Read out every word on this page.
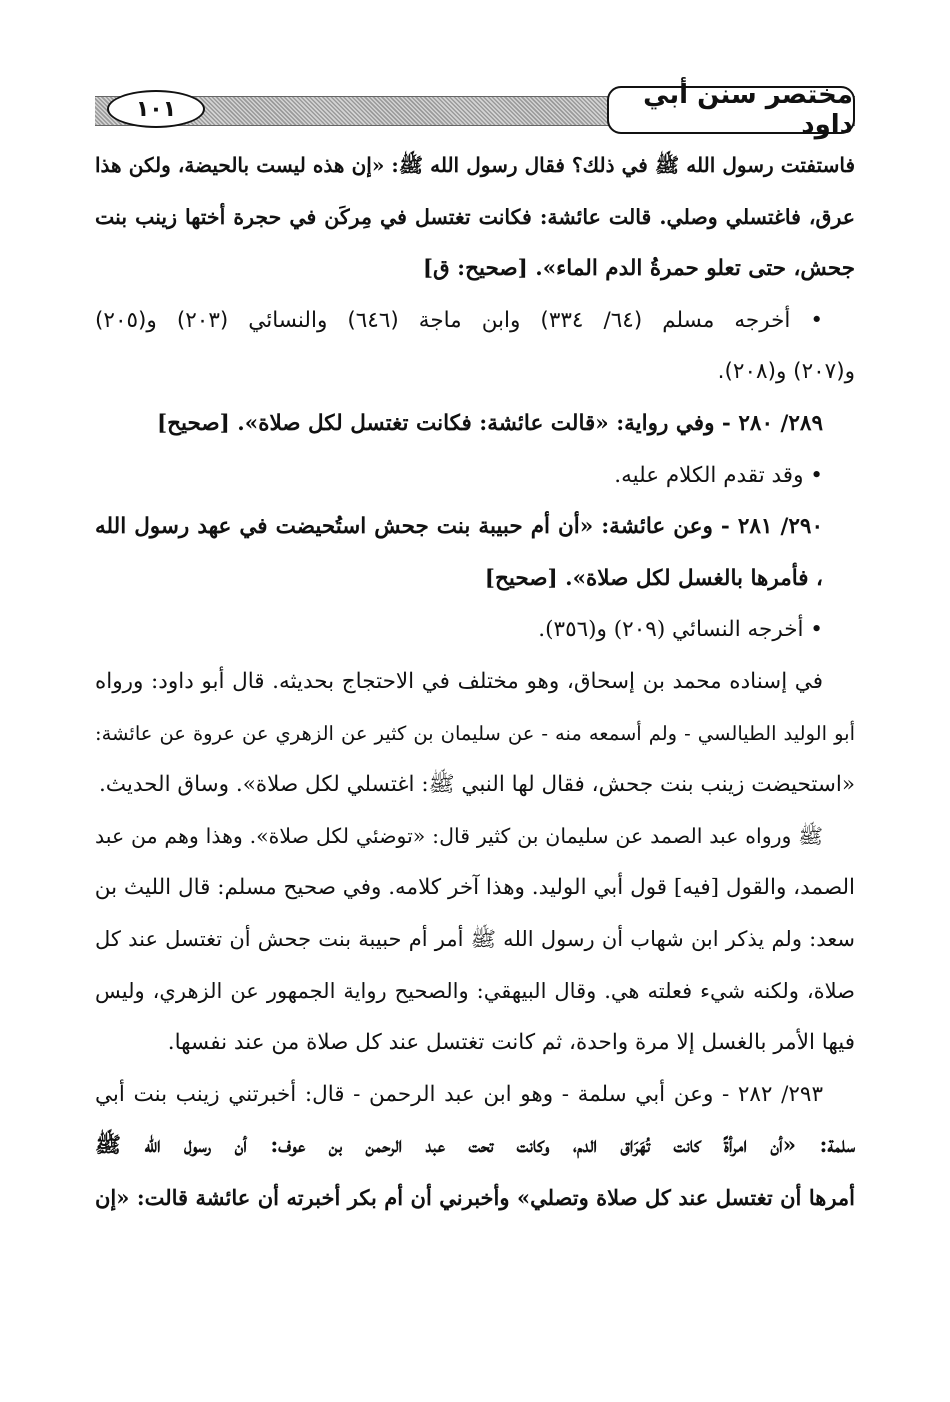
مختصر سنن أبي داود
١٠١
فاستفتت رسول الله ﷺ في ذلك؟ فقال رسول الله ﷺ: «إن هذه ليست بالحيضة، ولكن هذا
عرق، فاغتسلي وصلي. قالت عائشة: فكانت تغتسل في مِركَن في حجرة أختها زينب بنت
جحش، حتى تعلو حمرةُ الدم الماء». [صحيح: ق]
• أخرجه مسلم (٦٤/ ٣٣٤) وابن ماجة (٦٤٦) والنسائي (٢٠٣) و(٢٠٥)
و(٢٠٧) و(٢٠٨).
٢٨٩/ ٢٨٠ - وفي رواية: «قالت عائشة: فكانت تغتسل لكل صلاة». [صحيح]
• وقد تقدم الكلام عليه.
٢٩٠/ ٢٨١ - وعن عائشة: «أن أم حبيبة بنت جحش استُحيضت في عهد رسول الله
، فأمرها بالغسل لكل صلاة». [صحيح]
• أخرجه النسائي (٢٠٩) و(٣٥٦).
في إسناده محمد بن إسحاق، وهو مختلف في الاحتجاج بحديثه. قال أبو داود: ورواه
أبو الوليد الطيالسي - ولم أسمعه منه - عن سليمان بن كثير عن الزهري عن عروة عن عائشة:
«استحيضت زينب بنت جحش، فقال لها النبي ﷺ: اغتسلي لكل صلاة». وساق الحديث.
ﷺ ورواه عبد الصمد عن سليمان بن كثير قال: «توضئي لكل صلاة». وهذا وهم من عبد
الصمد، والقول [فيه] قول أبي الوليد. وهذا آخر كلامه. وفي صحيح مسلم: قال الليث بن
سعد: ولم يذكر ابن شهاب أن رسول الله ﷺ أمر أم حبيبة بنت جحش أن تغتسل عند كل
صلاة، ولكنه شيء فعلته هي. وقال البيهقي: والصحيح رواية الجمهور عن الزهري، وليس
فيها الأمر بالغسل إلا مرة واحدة، ثم كانت تغتسل عند كل صلاة من عند نفسها.
٢٩٣/ ٢٨٢ - وعن أبي سلمة - وهو ابن عبد الرحمن - قال: أخبرتني زينب بنت أبي
سلمة: «أن امرأةً كانت تُهَرَاق الدم، وكانت تحت عبد الرحمن بن عوف: أن رسول الله ﷺ
أمرها أن تغتسل عند كل صلاة وتصلي» وأخبرني أن أم بكر أخبرته أن عائشة قالت: «إن
